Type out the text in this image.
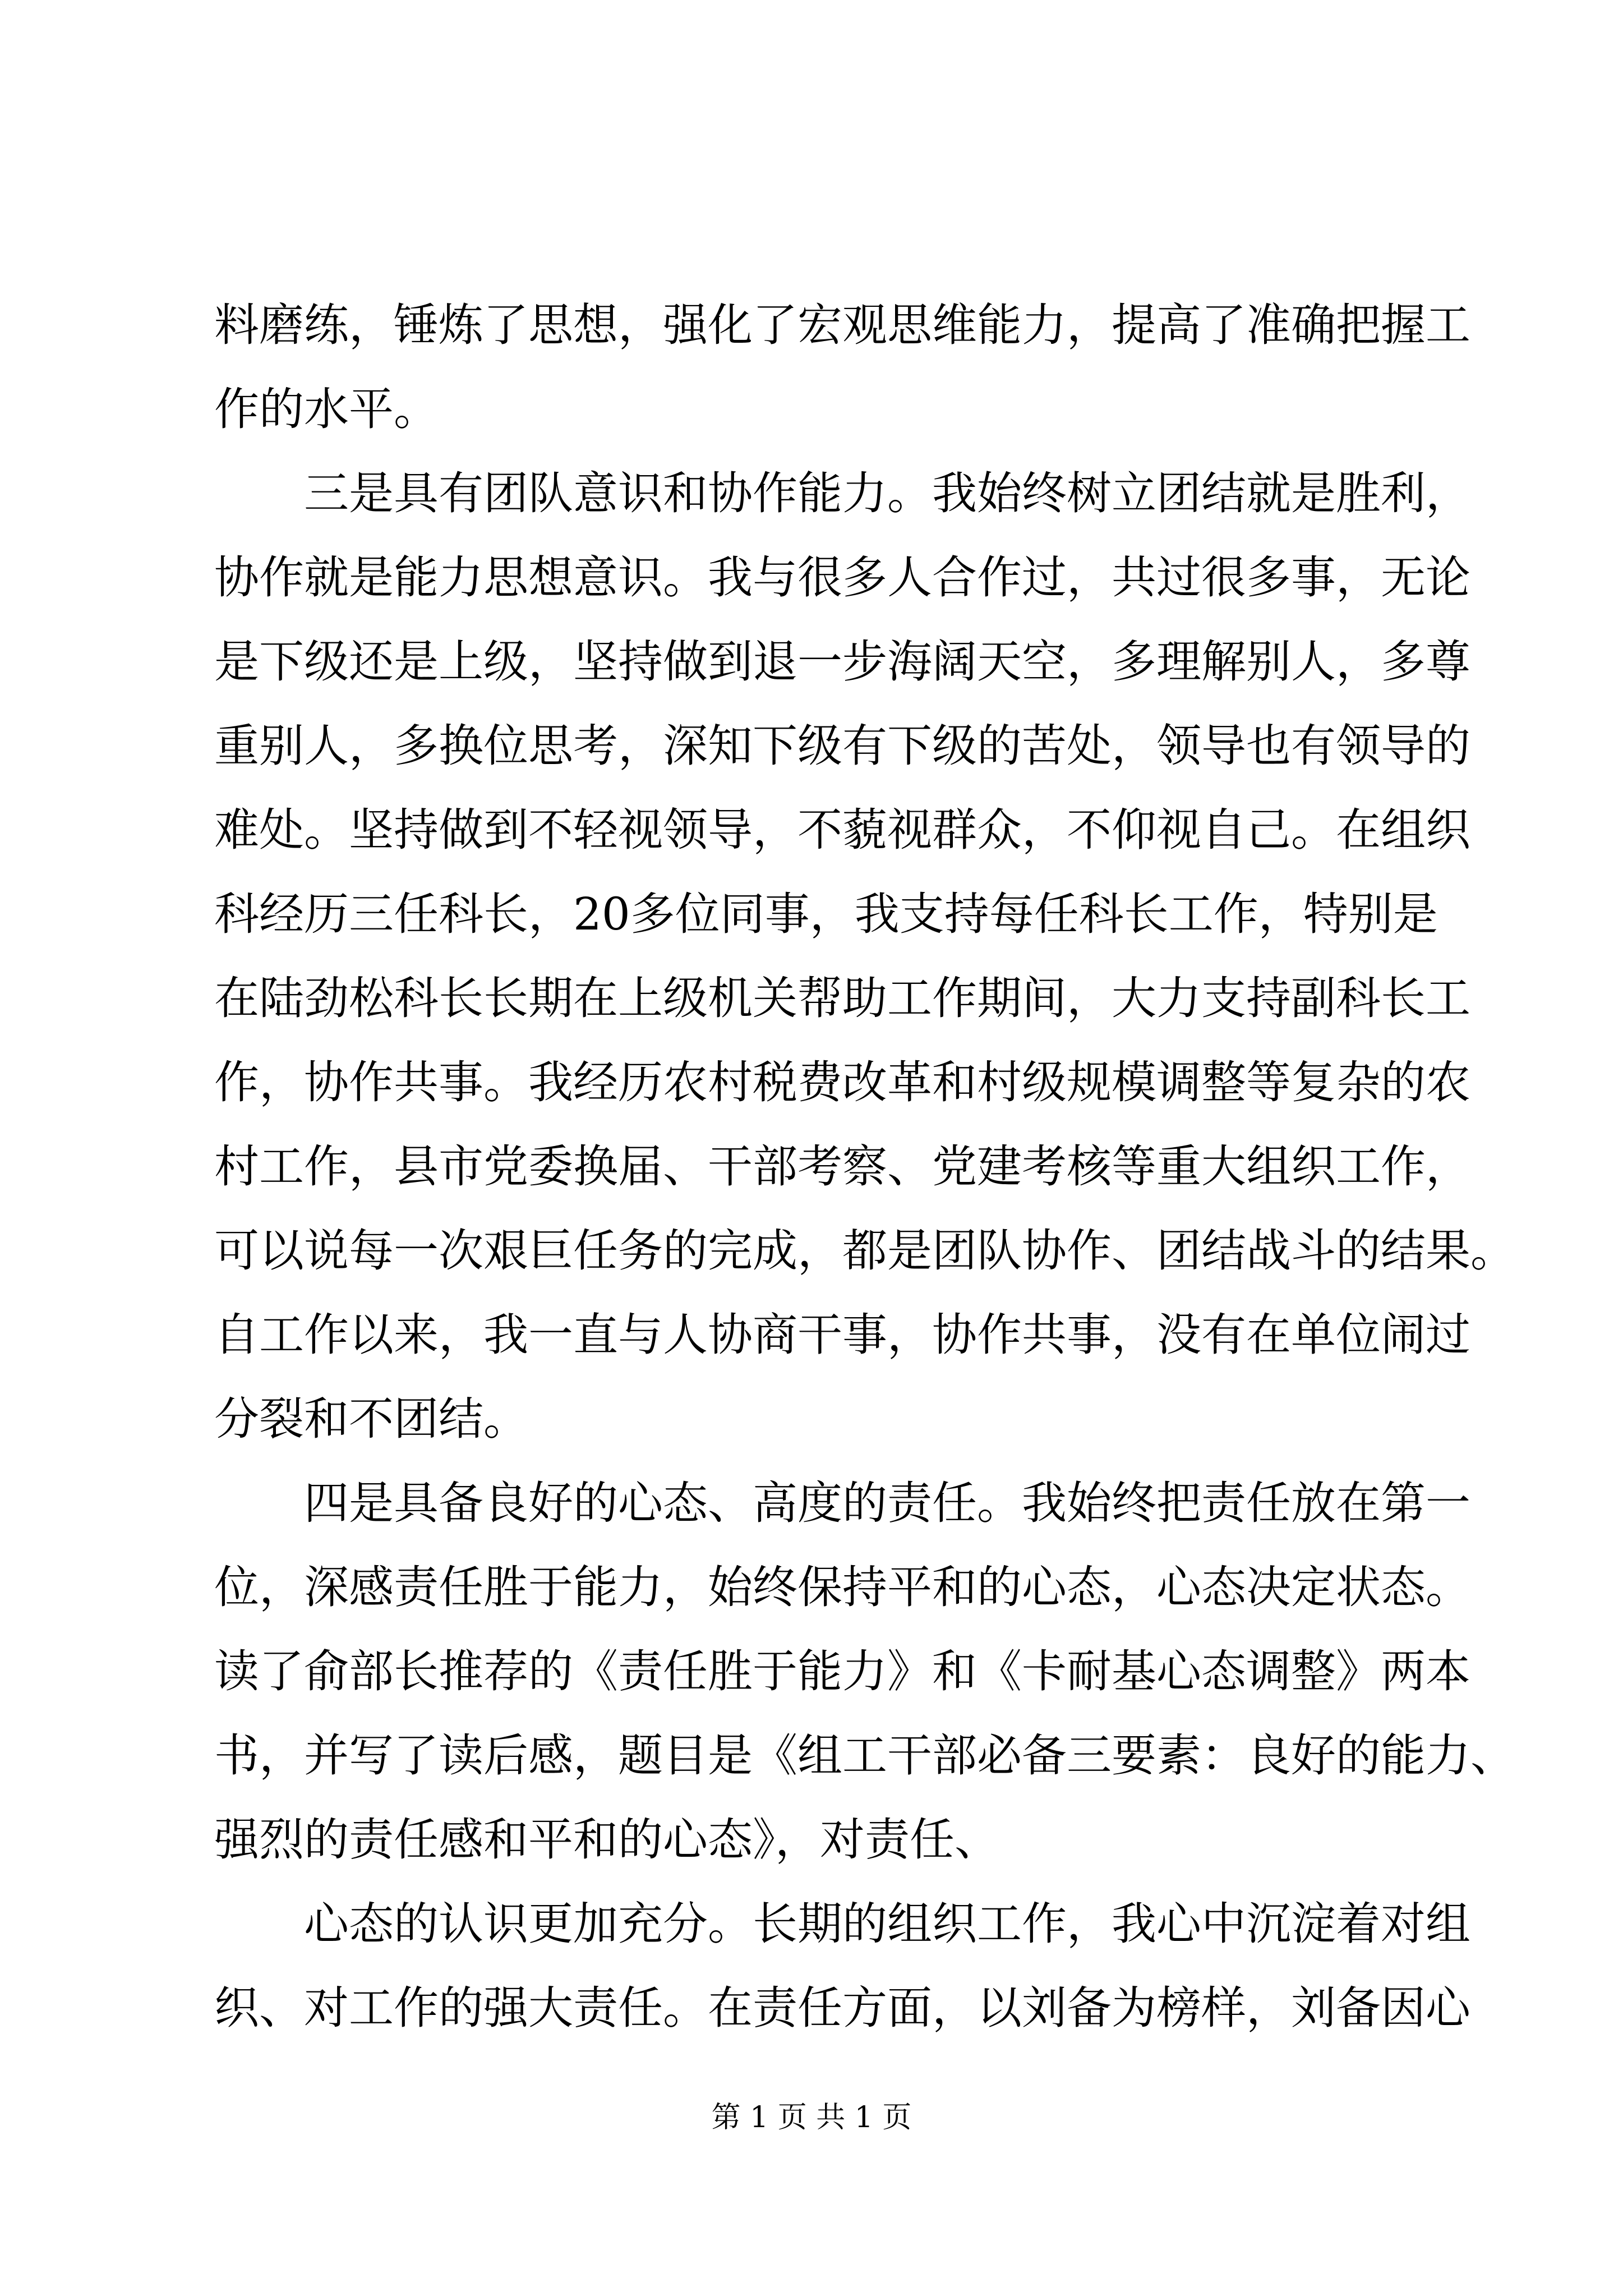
料磨练，锤炼了思想，强化了宏观思维能力，提高了准确把握工
作的水平。
三是具有团队意识和协作能力。我始终树立团结就是胜利，
协作就是能力思想意识。我与很多人合作过，共过很多事，无论
是下级还是上级，坚持做到退一步海阔天空，多理解别人，多尊
重别人，多换位思考，深知下级有下级的苦处，领导也有领导的
难处。坚持做到不轻视领导，不藐视群众，不仰视自己。在组织
科经历三任科长，20多位同事，我支持每任科长工作，特别是
在陆劲松科长长期在上级机关帮助工作期间，大力支持副科长工
作，协作共事。我经历农村税费改革和村级规模调整等复杂的农
村工作，县市党委换届、干部考察、党建考核等重大组织工作，
可以说每一次艰巨任务的完成，都是团队协作、团结战斗的结果。
自工作以来，我一直与人协商干事，协作共事，没有在单位闹过
分裂和不团结。
四是具备良好的心态、高度的责任。我始终把责任放在第一
位，深感责任胜于能力，始终保持平和的心态，心态决定状态。
读了俞部长推荐的《责任胜于能力》和《卡耐基心态调整》两本
书，并写了读后感，题目是《组工干部必备三要素：良好的能力、
强烈的责任感和平和的心态》，对责任、
心态的认识更加充分。长期的组织工作，我心中沉淀着对组
织、对工作的强大责任。在责任方面，以刘备为榜样，刘备因心
第 1 页 共 1 页
